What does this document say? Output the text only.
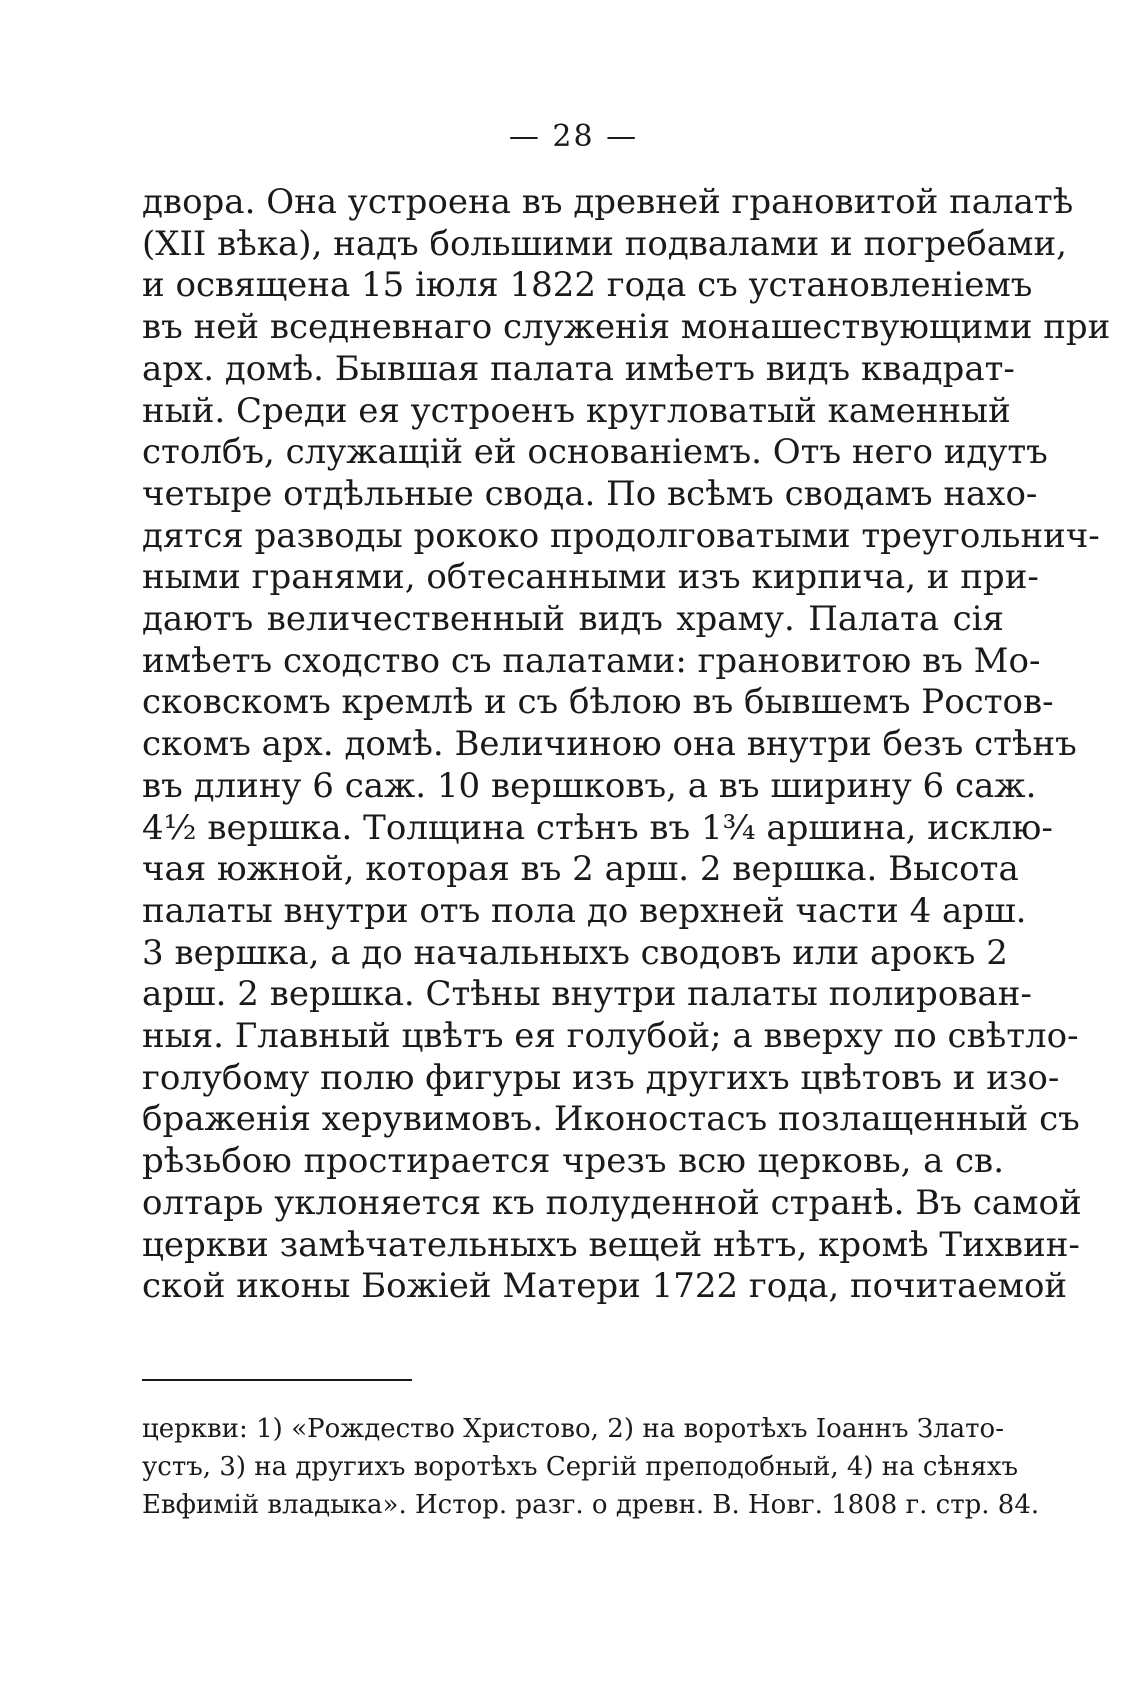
— 28 —
двора. Она устроена въ древней грановитой палатѣ
(XII вѣка), надъ большими подвалами и погребами,
и освящена 15 іюля 1822 года съ установленіемъ
въ ней вседневнаго служенія монашествующими при
арх. домѣ. Бывшая палата имѣетъ видъ квадрат-
ный. Среди ея устроенъ кругловатый каменный
столбъ, служащій ей основаніемъ. Отъ него идутъ
четыре отдѣльные свода. По всѣмъ сводамъ нахо-
дятся разводы рококо продолговатыми треугольнич-
ными гранями, обтесанными изъ кирпича, и при-
даютъ величественный видъ храму. Палата сія
имѣетъ сходство съ палатами: грановитою въ Мо-
сковскомъ кремлѣ и съ бѣлою въ бывшемъ Ростов-
скомъ арх. домѣ. Величиною она внутри безъ стѣнъ
въ длину 6 саж. 10 вершковъ, а въ ширину 6 саж.
4½ вершка. Толщина стѣнъ въ 1¾ аршина, исклю-
чая южной, которая въ 2 арш. 2 вершка. Высота
палаты внутри отъ пола до верхней части 4 арш.
3 вершка, а до начальныхъ сводовъ или арокъ 2
арш. 2 вершка. Стѣны внутри палаты полирован-
ныя. Главный цвѣтъ ея голубой; а вверху по свѣтло-
голубому полю фигуры изъ другихъ цвѣтовъ и изо-
браженія херувимовъ. Иконостасъ позлащенный съ
рѣзьбою простирается чрезъ всю церковь, а св.
олтарь уклоняется къ полуденной странѣ. Въ самой
церкви замѣчательныхъ вещей нѣтъ, кромѣ Тихвин-
ской иконы Божіей Матери 1722 года, почитаемой
церкви: 1) «Рождество Христово, 2) на воротѣхъ Іоаннъ Злато-
устъ, 3) на другихъ воротѣхъ Сергій преподобный, 4) на сѣняхъ
Евфимій владыка». Истор. разг. о древн. В. Новг. 1808 г. стр. 84.
